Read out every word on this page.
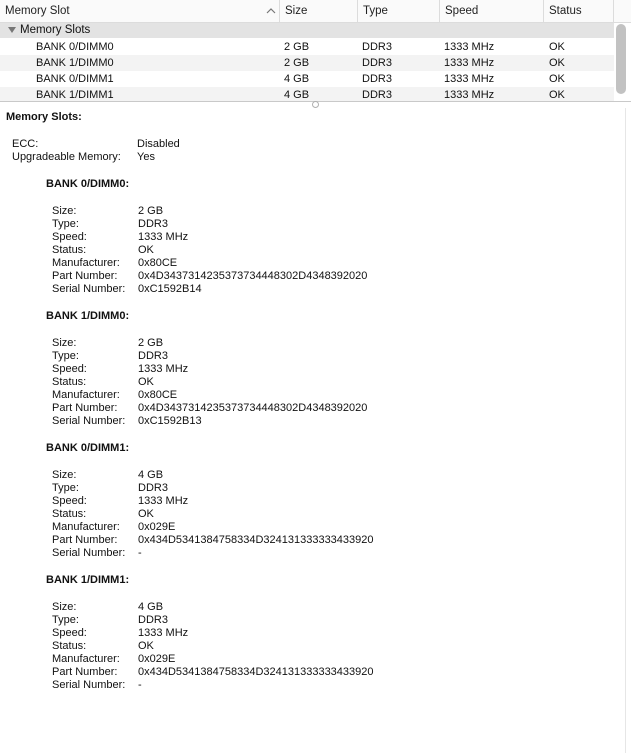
Memory Slot	Size	Type	Speed	Status
Memory Slots
BANK 0/DIMM0	2 GB	DDR3	1333 MHz	OK
BANK 1/DIMM0	2 GB	DDR3	1333 MHz	OK
BANK 0/DIMM1	4 GB	DDR3	1333 MHz	OK
BANK 1/DIMM1	4 GB	DDR3	1333 MHz	OK
Memory Slots:
ECC:	Disabled
Upgradeable Memory: Yes
BANK 0/DIMM0:
Size:	2 GB
Type:	DDR3
Speed:	1333 MHz
Status:	OK
Manufacturer: 0x80CE
Part Number: 0x4D3437314235373734448302D4348392020
Serial Number: 0xC1592B14
BANK 1/DIMM0:
Size:	2 GB
Type:	DDR3
Speed:	1333 MHz
Status:	OK
Manufacturer: 0x80CE
Part Number: 0x4D3437314235373734448302D4348392020
Serial Number: 0xC1592B13
BANK 0/DIMM1:
Size:	4 GB
Type:	DDR3
Speed:	1333 MHz
Status:	OK
Manufacturer: 0x029E
Part Number: 0x434D5341384758334D324131333333433920
Serial Number: -
BANK 1/DIMM1:
Size:	4 GB
Type:	DDR3
Speed:	1333 MHz
Status:	OK
Manufacturer: 0x029E
Part Number: 0x434D5341384758334D324131333333433920
Serial Number: -
